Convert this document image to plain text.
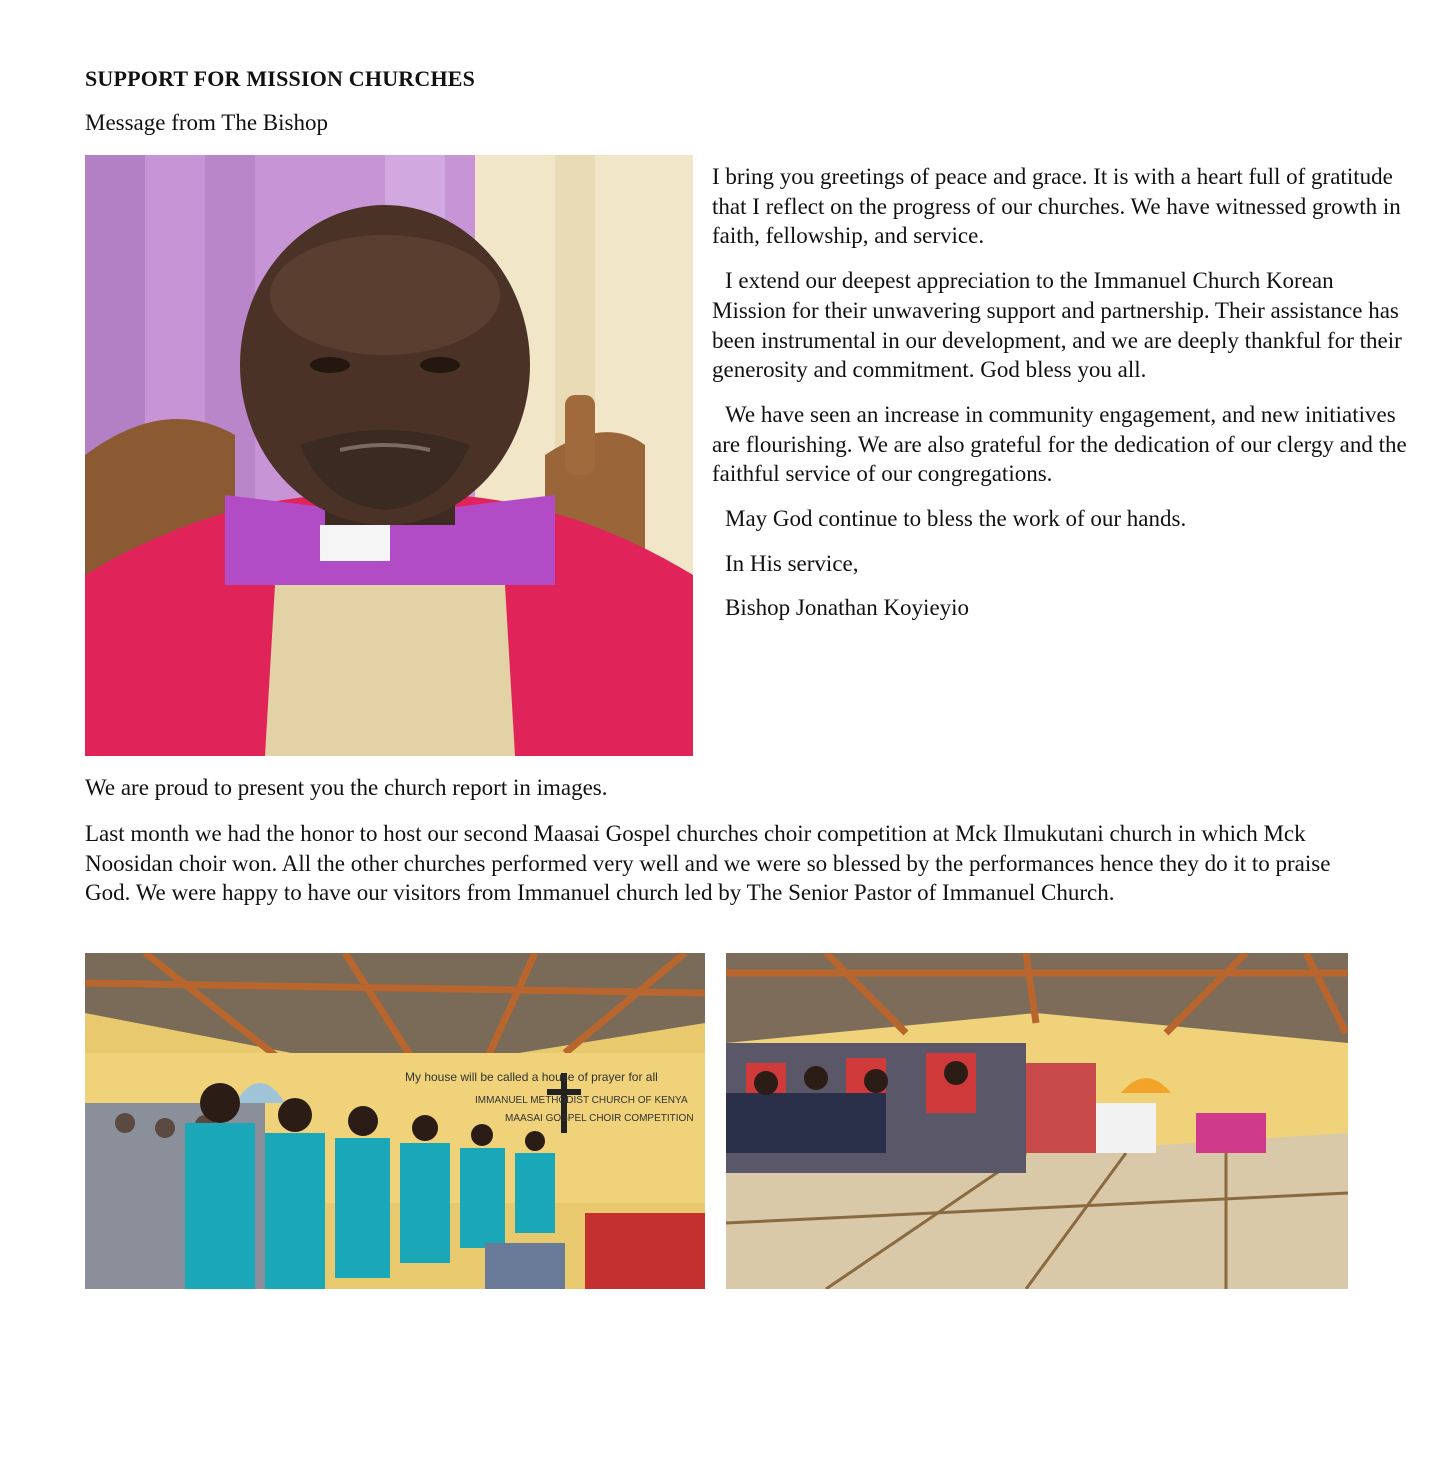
SUPPORT FOR MISSION CHURCHES
Message from The Bishop

I bring you greetings of peace and grace. It is with a heart full of gratitude that I reflect on the progress of our churches. We have witnessed growth in faith, fellowship, and service.

I extend our deepest appreciation to the Immanuel Church Korean Mission for their unwavering support and partnership. Their assistance has been instrumental in our development, and we are deeply thankful for their generosity and commitment. God bless you all.

We have seen an increase in community engagement, and new initiatives are flourishing. We are also grateful for the dedication of our clergy and the faithful service of our congregations.

May God continue to bless the work of our hands.

In His service,

Bishop Jonathan Koyieyio

We are proud to present you the church report in images.

Last month we had the honor to host our second Maasai Gospel churches choir competition at Mck Ilmukutani church in which Mck Noosidan choir won. All the other churches performed very well and we were so blessed by the performances hence they do it to praise God. We were happy to have our visitors from Immanuel church led by The Senior Pastor of Immanuel Church.

My house will be called a house of prayer for all
IMMANUEL METHODIST CHURCH OF KENYA
MAASAI GOSPEL CHOIR COMPETITION
